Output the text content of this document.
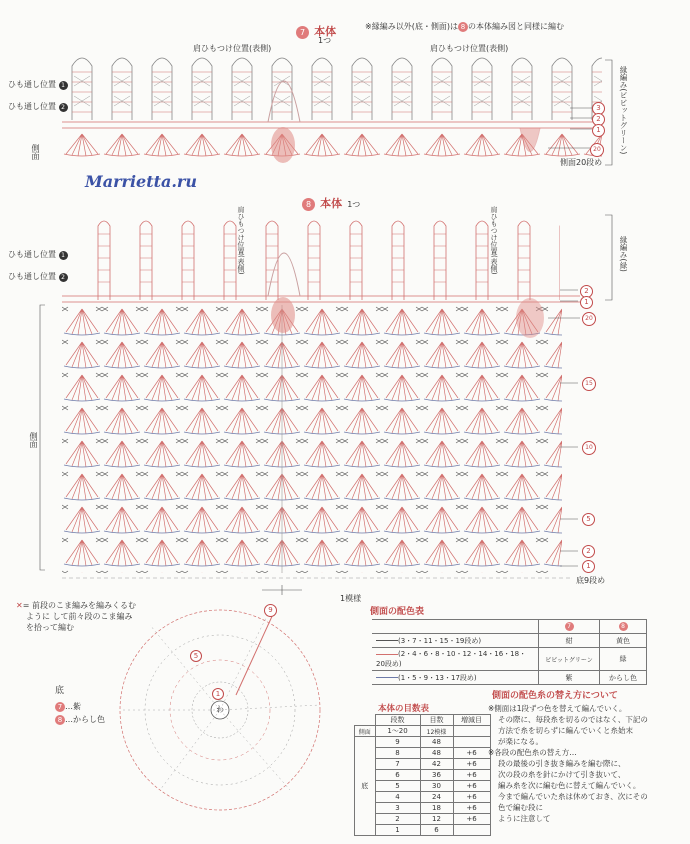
7 本体
1つ
※縁編み以外(底・側面)は 8 の本体編み図と同様に編む
肩ひもつけ位置(表側)	肩ひもつけ位置(表側)
ひも通し位置 1
ひも通し位置 2
側面	縁編み(ビビットグリーン)
3
2
1
20
側面20段め
Marrietta.ru
8 本体 1つ
肩ひもつけ位置(表側)	肩ひもつけ位置(表側)
ひも通し位置 1
ひも通し位置 2
側面
縁編み(緑)
2
1
20
15
10
5
2
1
底9段め
1模様
✕= 前段のこま編みを編みくるむ
ように して前々段のこま編み
を拾って編む
底
7 …紫
8 …からし色
わ
9
5
1
側面の配色表
	7	8
(3・7・11・15・19段め)	紺	黄色
(2・4・6・8・10・12・14・16・18・20段め)	ビビットグリーン	緑
(1・5・9・13・17段め)	紫	からし色
本体の目数表
	段数	目数	増減目
側面	1〜20	12模様	
底	9	48	
	8	48	+6
	7	42	+6
	6	36	+6
	5	30	+6
	4	24	+6
	3	18	+6
	2	12	+6
	1	6	
側面の配色糸の替え方について
※側面は1段ずつ色を替えて編んでいく。
その際に、毎段糸を切るのではなく、下記の
方法で糸を切らずに編んでいくと糸始末
が楽になる。
※各段の配色糸の替え方…
段の最後の引き抜き編みを編む際に、
次の段の糸を針にかけて引き抜いて、
編み糸を次に編む色に替えて編んでいく。
今まで編んでいた糸は休めておき、次にその
色で編む段に
ように注意して
